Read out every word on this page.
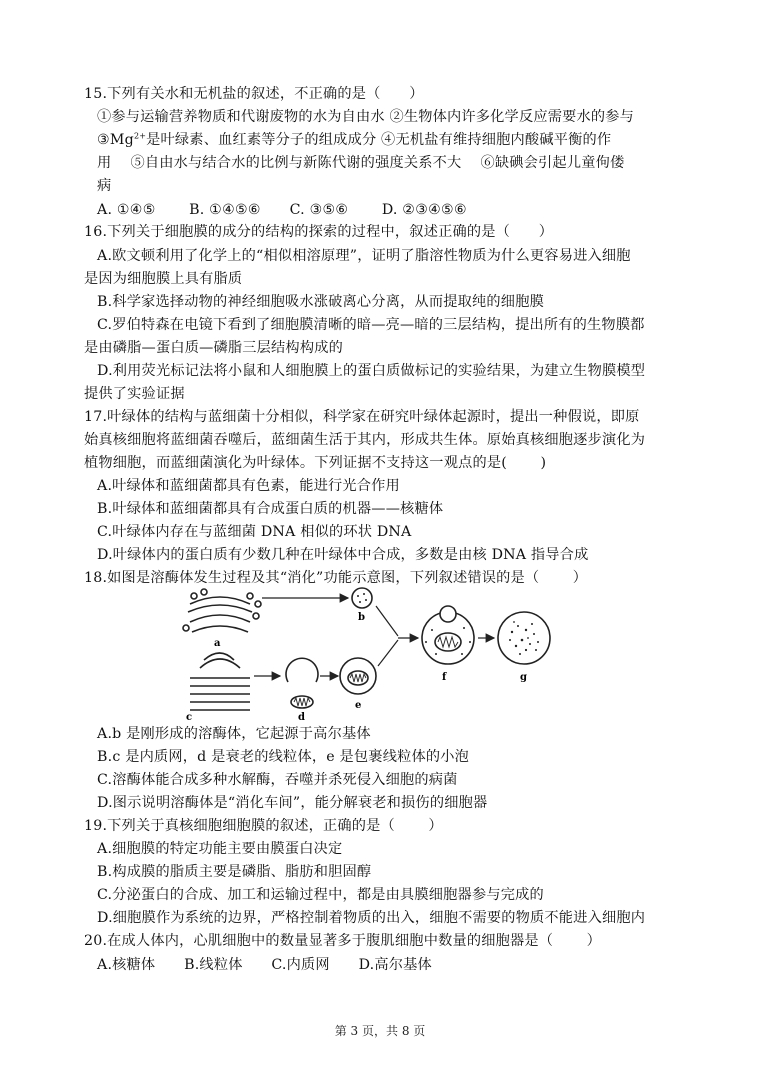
15.下列有关水和无机盐的叙述，不正确的是（　　）
①参与运输营养物质和代谢废物的水为自由水 ②生物体内许多化学反应需要水的参与
$③Mg^{2+}$是叶绿素、血红素等分子的组成成分 ④无机盐有维持细胞内酸碱平衡的作
用　 ⑤自由水与结合水的比例与新陈代谢的强度关系不大　 ⑥缺碘会引起儿童佝偻
病
A. ①④⑤　　 B. ①④⑤⑥　　C. ③⑤⑥　　 D. ②③④⑤⑥
16.下列关于细胞膜的成分的结构的探索的过程中，叙述正确的是（　　）
A.欧文顿利用了化学上的“相似相溶原理”，证明了脂溶性物质为什么更容易进入细胞
是因为细胞膜上具有脂质
B.科学家选择动物的神经细胞吸水涨破离心分离，从而提取纯的细胞膜
C.罗伯特森在电镜下看到了细胞膜清晰的暗—亮—暗的三层结构，提出所有的生物膜都
是由磷脂—蛋白质—磷脂三层结构构成的
D.利用荧光标记法将小鼠和人细胞膜上的蛋白质做标记的实验结果，为建立生物膜模型
提供了实验证据
17.叶绿体的结构与蓝细菌十分相似，科学家在研究叶绿体起源时，提出一种假说，即原
始真核细胞将蓝细菌吞噬后，蓝细菌生活于其内，形成共生体。原始真核细胞逐步演化为
植物细胞，而蓝细菌演化为叶绿体。下列证据不支持这一观点的是(　　 )
A.叶绿体和蓝细菌都具有色素，能进行光合作用
B.叶绿体和蓝细菌都具有合成蛋白质的机器——核糖体
C.叶绿体内存在与蓝细菌 DNA 相似的环状 DNA
D.叶绿体内的蛋白质有少数几种在叶绿体中合成，多数是由核 DNA 指导合成
18.如图是溶酶体发生过程及其“消化”功能示意图，下列叙述错误的是（　　 ）
a
b
c	d
e
f	g
A.b 是刚形成的溶酶体，它起源于高尔基体
B.c 是内质网，d 是衰老的线粒体，e 是包裹线粒体的小泡
C.溶酶体能合成多种水解酶，吞噬并杀死侵入细胞的病菌
D.图示说明溶酶体是“消化车间”，能分解衰老和损伤的细胞器
19.下列关于真核细胞细胞膜的叙述，正确的是（　　 ）
A.细胞膜的特定功能主要由膜蛋白决定
B.构成膜的脂质主要是磷脂、脂肪和胆固醇
C.分泌蛋白的合成、加工和运输过程中，都是由具膜细胞器参与完成的
D.细胞膜作为系统的边界，严格控制着物质的出入，细胞不需要的物质不能进入细胞内
20.在成人体内，心肌细胞中的数量显著多于腹肌细胞中数量的细胞器是（　　 ）
A.核糖体　　B.线粒体　　C.内质网　　D.高尔基体
第 3 页，共 8 页
